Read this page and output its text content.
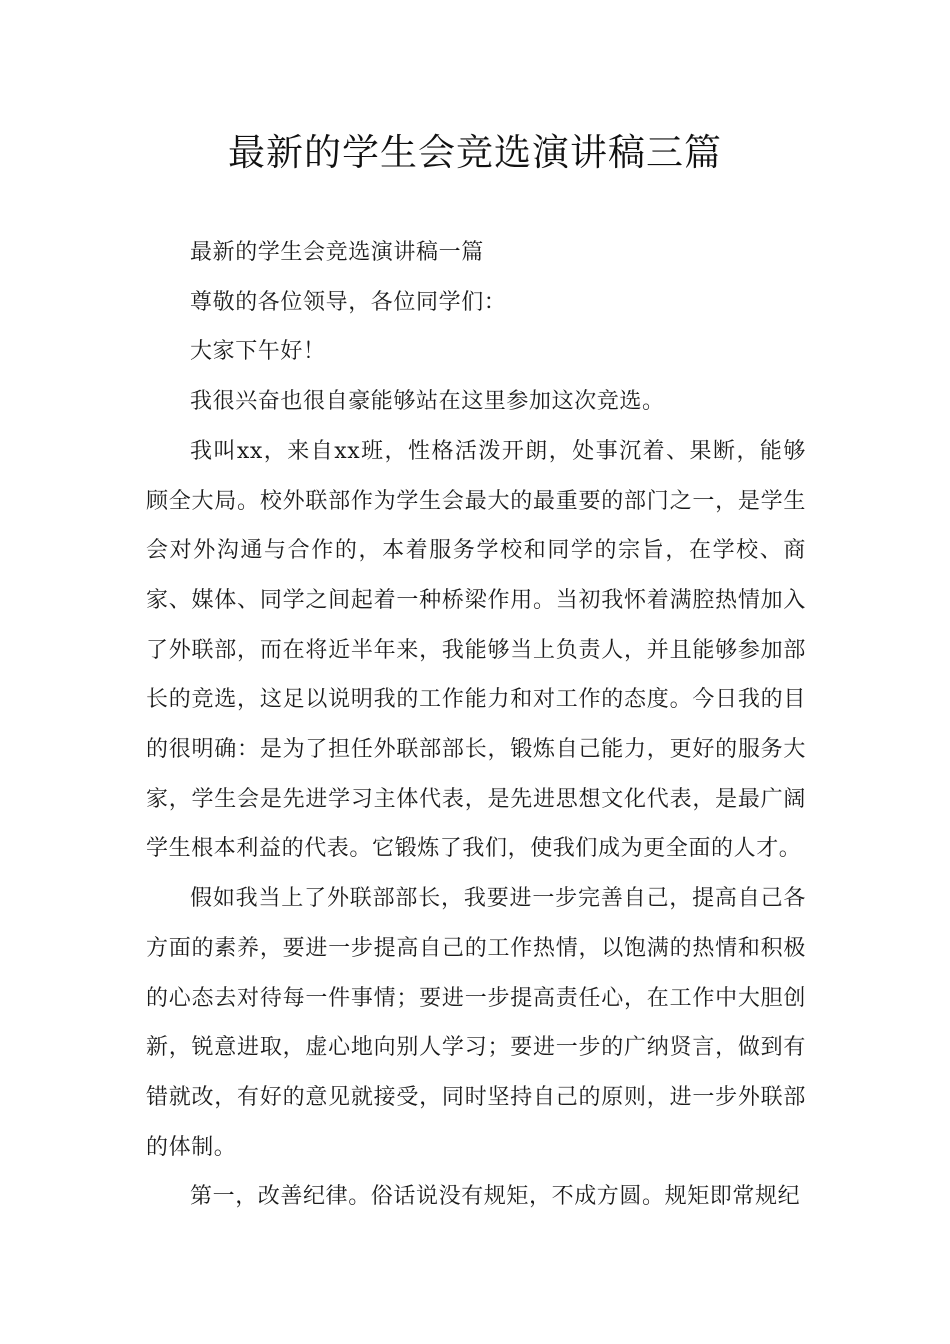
最新的学生会竞选演讲稿三篇

最新的学生会竞选演讲稿一篇

尊敬的各位领导，各位同学们：

大家下午好！

我很兴奋也很自豪能够站在这里参加这次竞选。

我叫xx，来自xx班，性格活泼开朗，处事沉着、果断，能够顾全大局。校外联部作为学生会最大的最重要的部门之一，是学生会对外沟通与合作的，本着服务学校和同学的宗旨，在学校、商家、媒体、同学之间起着一种桥梁作用。当初我怀着满腔热情加入了外联部，而在将近半年来，我能够当上负责人，并且能够参加部长的竞选，这足以说明我的工作能力和对工作的态度。今日我的目的很明确：是为了担任外联部部长，锻炼自己能力，更好的服务大家，学生会是先进学习主体代表，是先进思想文化代表，是最广阔学生根本利益的代表。它锻炼了我们，使我们成为更全面的人才。

假如我当上了外联部部长，我要进一步完善自己，提高自己各方面的素养，要进一步提高自己的工作热情，以饱满的热情和积极的心态去对待每一件事情；要进一步提高责任心，在工作中大胆创新，锐意进取，虚心地向别人学习；要进一步的广纳贤言，做到有错就改，有好的意见就接受，同时坚持自己的原则，进一步外联部的体制。

第一，改善纪律。俗话说没有规矩，不成方圆。规矩即常规纪
